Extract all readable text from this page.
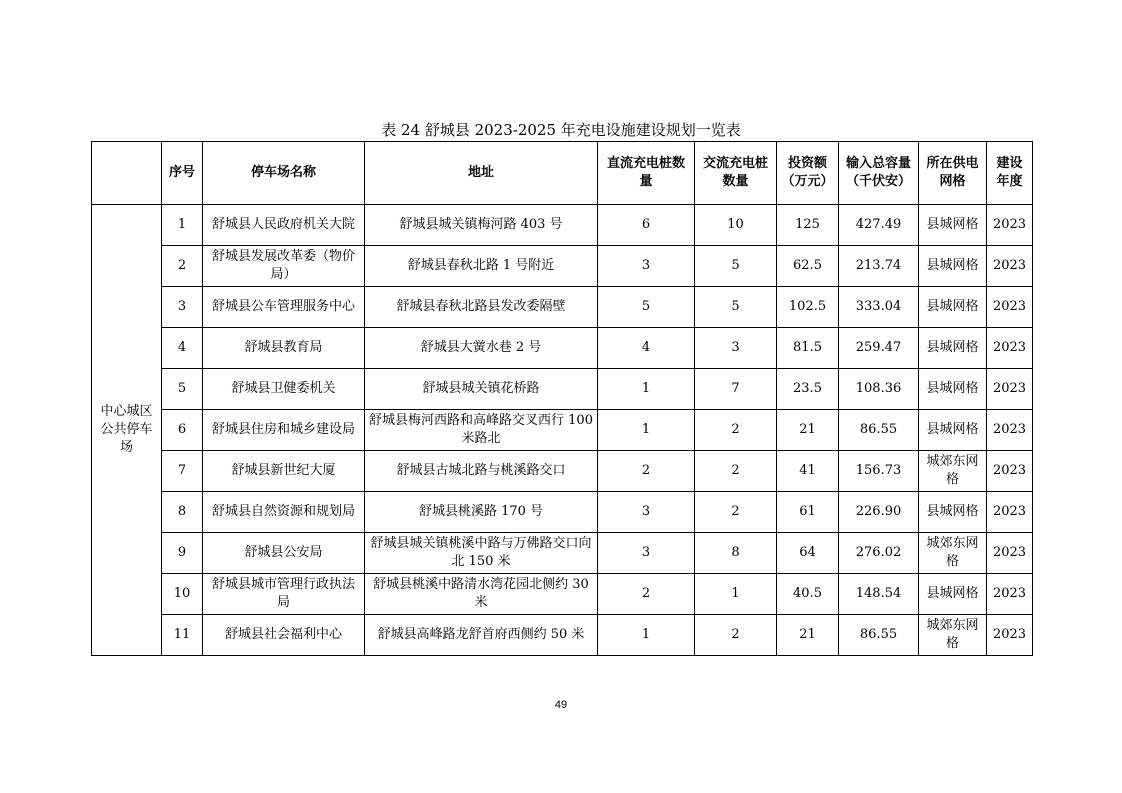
表 24 舒城县 2023-2025 年充电设施建设规划一览表
	序号	停车场名称	地址	直流充电桩数量	交流充电桩数量	投资额（万元）	输入总容量（千伏安）	所在供电网格	建设年度
中心城区公共停车场	1	舒城县人民政府机关大院	舒城县城关镇梅河路 403 号	6	10	125	427.49	县城网格	2023
	2	舒城县发展改革委（物价局）	舒城县春秋北路 1 号附近	3	5	62.5	213.74	县城网格	2023
	3	舒城县公车管理服务中心	舒城县春秋北路县发改委隔壁	5	5	102.5	333.04	县城网格	2023
	4	舒城县教育局	舒城县大黉水巷 2 号	4	3	81.5	259.47	县城网格	2023
	5	舒城县卫健委机关	舒城县城关镇花桥路	1	7	23.5	108.36	县城网格	2023
	6	舒城县住房和城乡建设局	舒城县梅河西路和高峰路交叉西行 100 米路北	1	2	21	86.55	县城网格	2023
	7	舒城县新世纪大厦	舒城县古城北路与桃溪路交口	2	2	41	156.73	城郊东网格	2023
	8	舒城县自然资源和规划局	舒城县桃溪路 170 号	3	2	61	226.90	县城网格	2023
	9	舒城县公安局	舒城县城关镇桃溪中路与万佛路交口向北 150 米	3	8	64	276.02	城郊东网格	2023
	10	舒城县城市管理行政执法局	舒城县桃溪中路清水湾花园北侧约 30 米	2	1	40.5	148.54	县城网格	2023
	11	舒城县社会福利中心	舒城县高峰路龙舒首府西侧约 50 米	1	2	21	86.55	城郊东网格	2023
49
